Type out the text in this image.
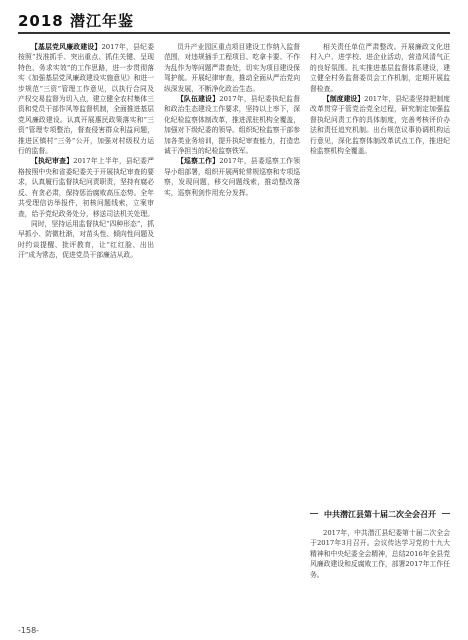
2018 潜江年鉴
【基层党风廉政建设】2017年，县纪委按照“找准抓手、突出重点、抓住关键、呈现特色、务求实效”的工作思路，进一步贯彻落实《加强基层党风廉政建设实施意见》和进一步规范“三资”管理工作意见，以执行合同及产权交易监督为切入点，建立健全农村集体三资和党员干部作风等监督机制，全面推进基层党风廉政建设。认真开展惠民政策落实和“三资”管理专项整治，督查侵害群众利益问题，推进区镇村“三务”公开，加强对村级权力运行的监督。
【执纪审查】2017年上半年，县纪委严格按照中央和省委纪委关于开展执纪审查的要求，认真履行监督执纪问责职责，坚持有腐必反、有贪必肃，保持惩治腐败高压态势。全年共受理信访举报件，初核问题线索，立案审查，给予党纪政务处分，移送司法机关处理。
同时，坚持运用监督执纪“四种形态”，抓早抓小、防微杜渐，对苗头性、倾向性问题及时约谈提醒、批评教育，让“红红脸、出出汗”成为常态，促进党员干部廉洁从政。
员升产业园区重点项目建设工作纳入监督范围，对违规插手工程项目、吃拿卡要、不作为乱作为等问题严肃查处，切实为项目建设保驾护航。开展纪律审查，推动全面从严治党向纵深发展，不断净化政治生态。
【队伍建设】2017年，县纪委执纪监督和政治生态建设工作要求，坚持以上率下，深化纪检监察体制改革，推进派驻机构全覆盖，加强对下级纪委的领导。组织纪检监察干部参加各类业务培训，提升执纪审查能力，打造忠诚干净担当的纪检监察铁军。
【巡察工作】2017年，县委巡察工作领导小组部署，组织开展两轮常规巡察和专项巡察，发现问题，移交问题线索，推动整改落实，巡察利剑作用充分发挥。
相关责任单位严肃整改。开展廉政文化进村入户、进学校、进企业活动，营造风清气正的良好氛围。扎实推进基层监督体系建设，建立健全村务监督委员会工作机制，定期开展监督检查。
【制度建设】2017年，县纪委坚持把制度改革贯穿于管党治党全过程，研究制定加强监督执纪问责工作的具体制度，完善考核评价办法和责任追究机制。出台规范议事协调机构运行意见，深化监察体制改革试点工作，推进纪检监察机构全覆盖。
中共潜江县第十届二次全会召开
2017年，中共潜江县纪委第十届二次全会于2017年3月召开。会议传达学习党的十九大精神和中央纪委全会精神，总结2016年全县党风廉政建设和反腐败工作，部署2017年工作任务。
-158-
